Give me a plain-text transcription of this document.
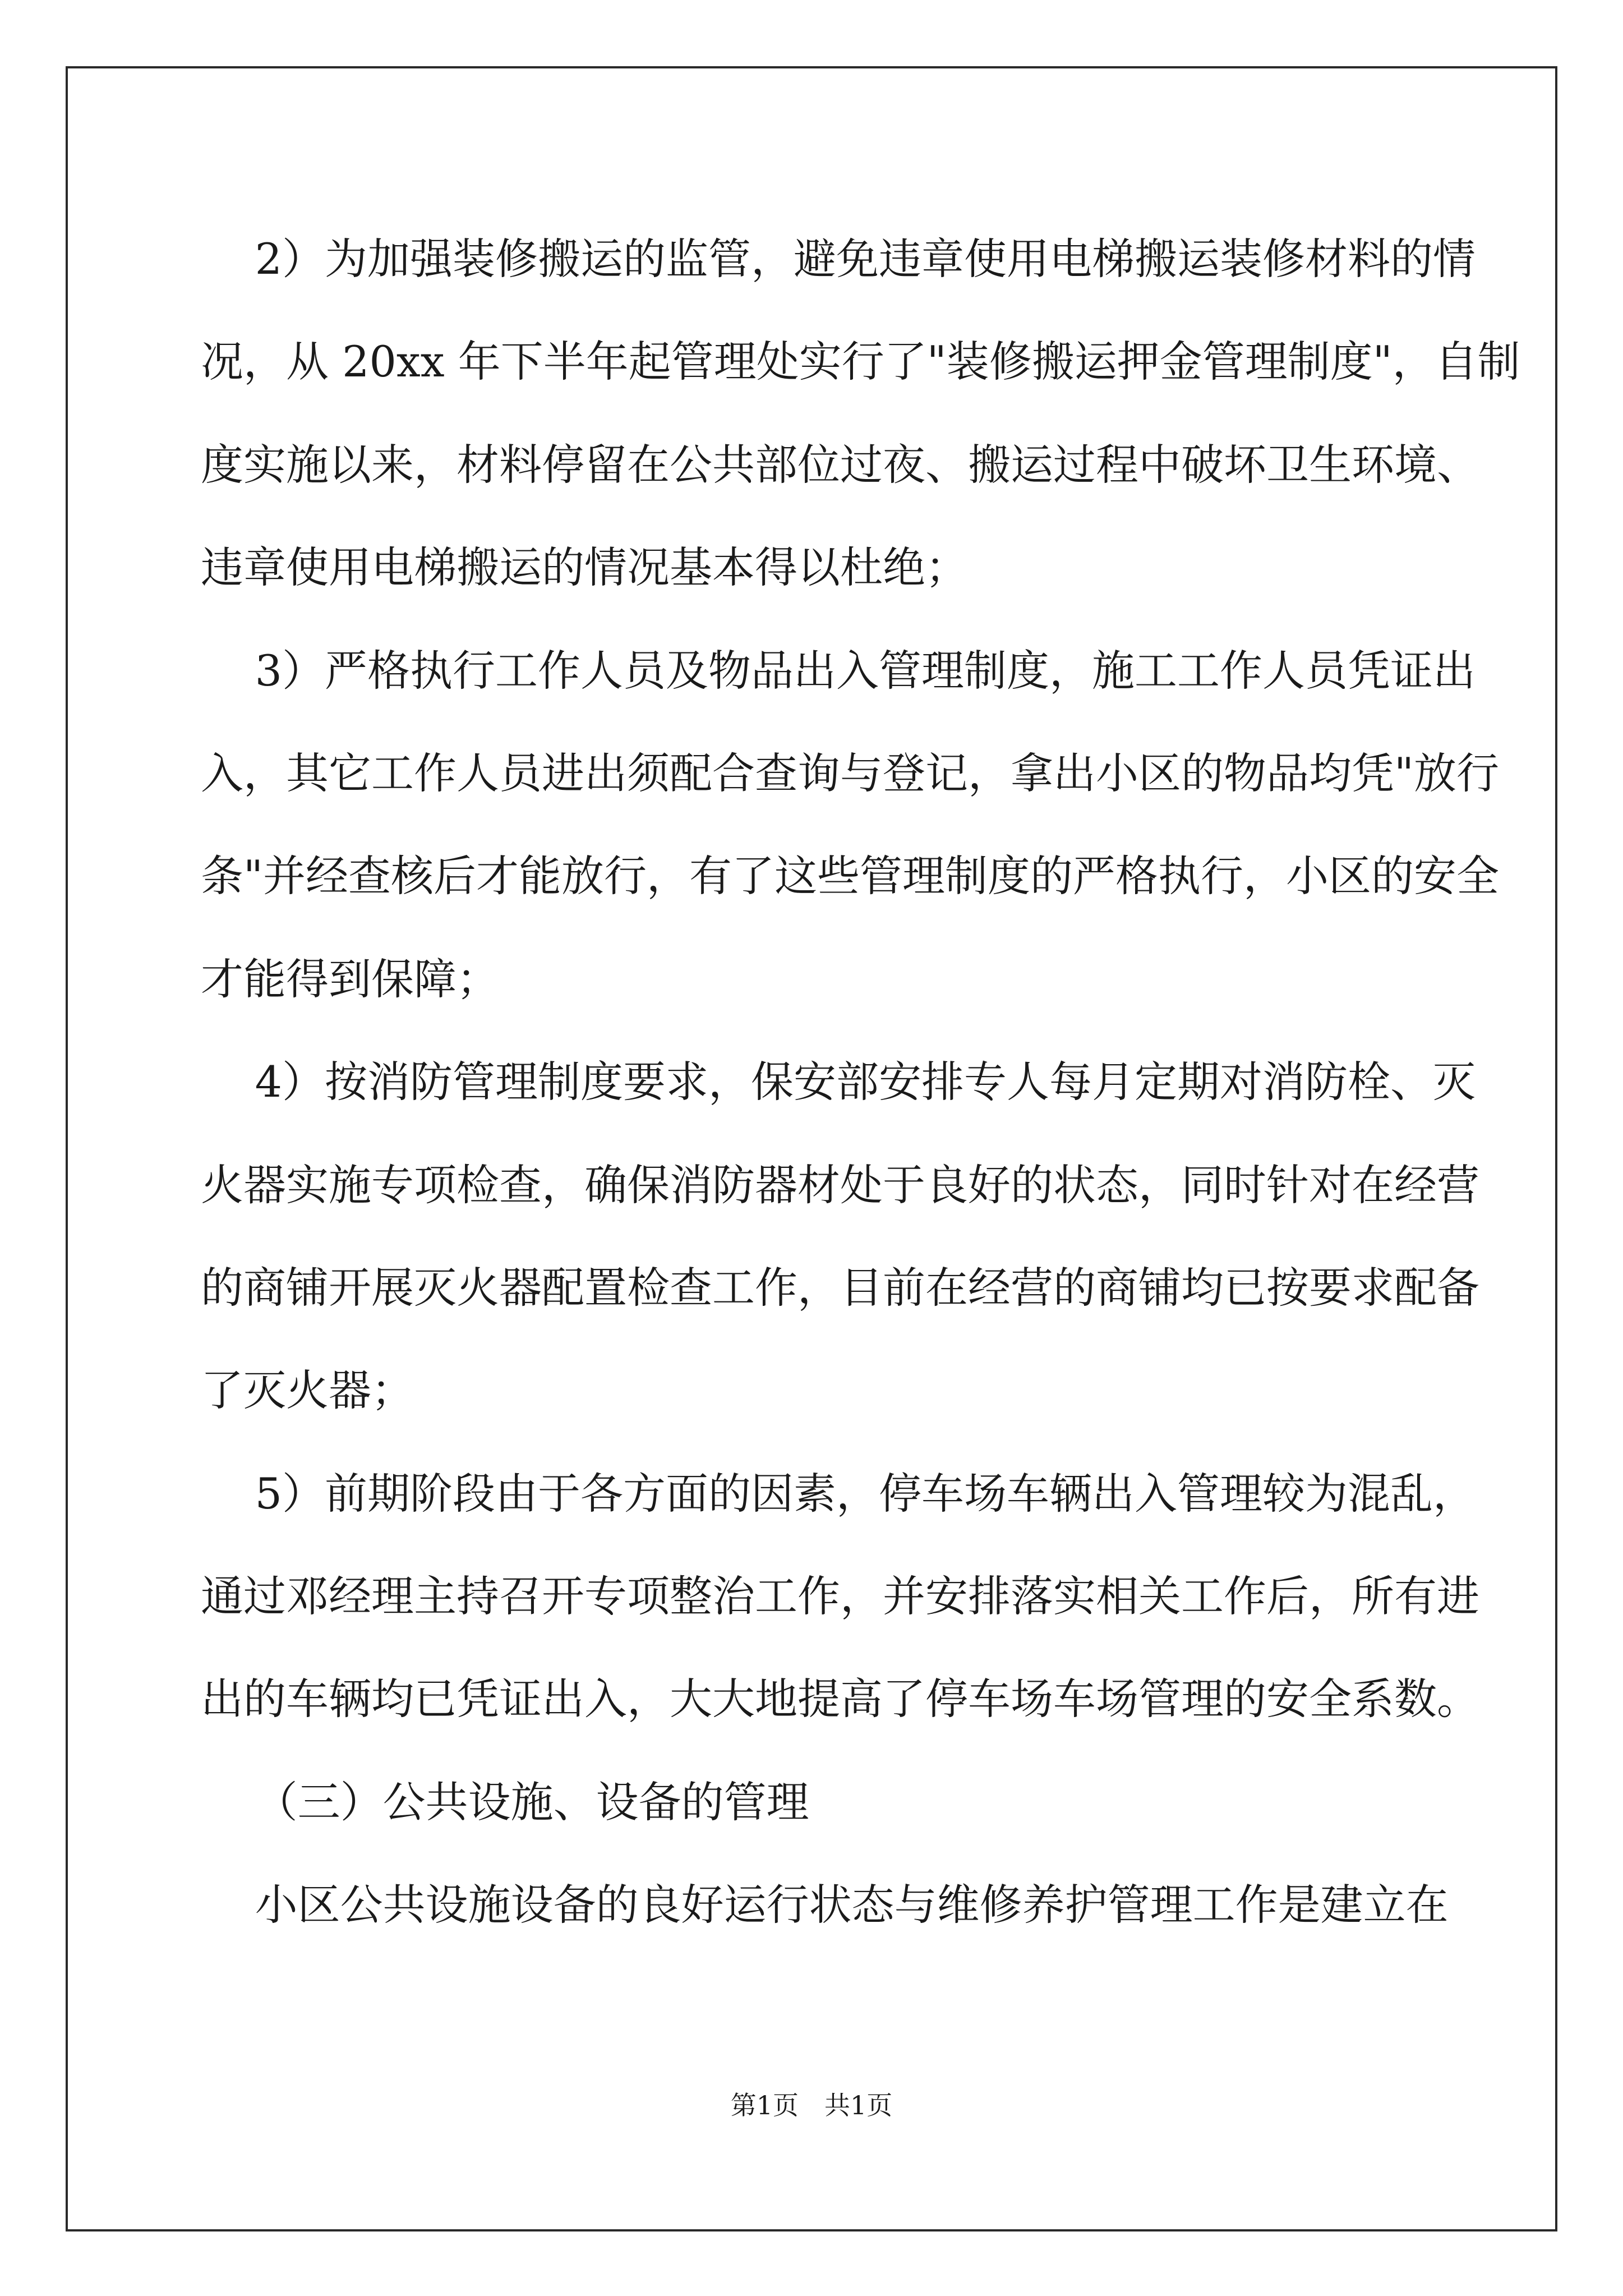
2）为加强装修搬运的监管，避免违章使用电梯搬运装修材料的情
况，从 20xx 年下半年起管理处实行了"装修搬运押金管理制度"，自制
度实施以来，材料停留在公共部位过夜、搬运过程中破坏卫生环境、
违章使用电梯搬运的情况基本得以杜绝；
3）严格执行工作人员及物品出入管理制度，施工工作人员凭证出
入，其它工作人员进出须配合查询与登记，拿出小区的物品均凭"放行
条"并经查核后才能放行，有了这些管理制度的严格执行，小区的安全
才能得到保障；
4）按消防管理制度要求，保安部安排专人每月定期对消防栓、灭
火器实施专项检查，确保消防器材处于良好的状态，同时针对在经营
的商铺开展灭火器配置检查工作，目前在经营的商铺均已按要求配备
了灭火器；
5）前期阶段由于各方面的因素，停车场车辆出入管理较为混乱，
通过邓经理主持召开专项整治工作，并安排落实相关工作后，所有进
出的车辆均已凭证出入，大大地提高了停车场车场管理的安全系数。
（三）公共设施、设备的管理
小区公共设施设备的良好运行状态与维修养护管理工作是建立在
第1页　共1页
